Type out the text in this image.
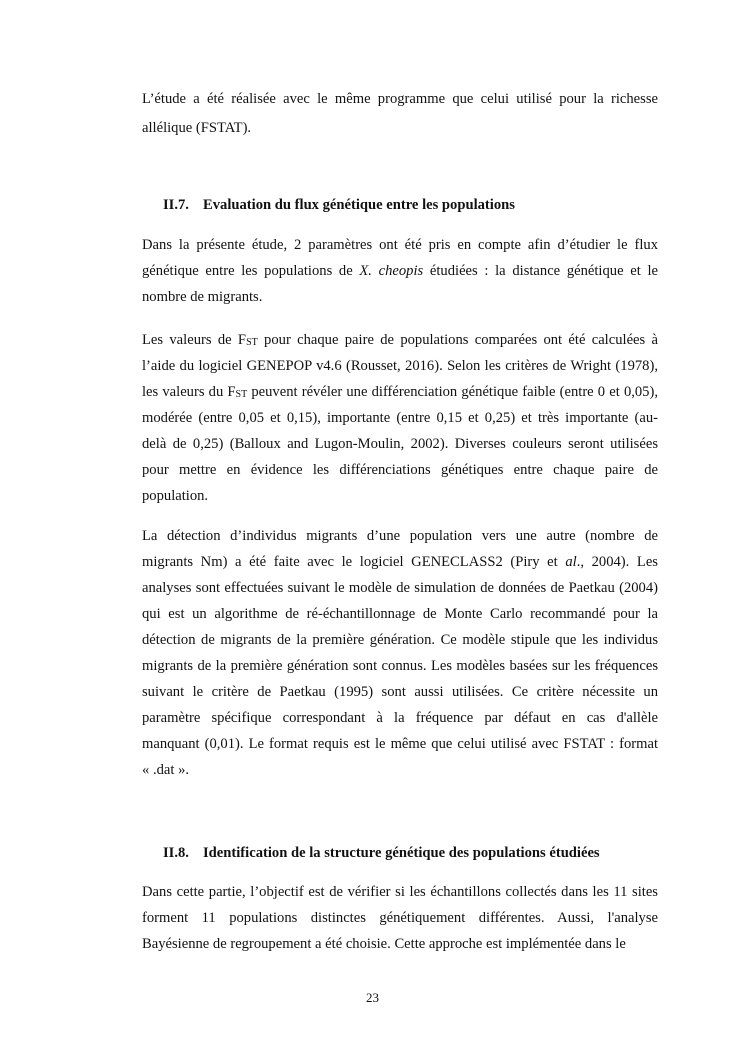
L’étude a été réalisée avec le même programme que celui utilisé pour la richesse
allélique (FSTAT).
II.7. Evaluation du flux génétique entre les populations
Dans la présente étude, 2 paramètres ont été pris en compte afin d’étudier le flux
génétique entre les populations de X. cheopis étudiées : la distance génétique et le
nombre de migrants.
Les valeurs de FST pour chaque paire de populations comparées ont été calculées à
l’aide du logiciel GENEPOP v4.6 (Rousset, 2016). Selon les critères de Wright (1978),
les valeurs du FST peuvent révéler une différenciation génétique faible (entre 0 et 0,05),
modérée (entre 0,05 et 0,15), importante (entre 0,15 et 0,25) et très importante (au-
delà de 0,25) (Balloux and Lugon-Moulin, 2002). Diverses couleurs seront utilisées
pour mettre en évidence les différenciations génétiques entre chaque paire de
population.
La détection d’individus migrants d’une population vers une autre (nombre de
migrants Nm) a été faite avec le logiciel GENECLASS2 (Piry et al., 2004). Les
analyses sont effectuées suivant le modèle de simulation de données de Paetkau (2004)
qui est un algorithme de ré-échantillonnage de Monte Carlo recommandé pour la
détection de migrants de la première génération. Ce modèle stipule que les individus
migrants de la première génération sont connus. Les modèles basées sur les fréquences
suivant le critère de Paetkau (1995) sont aussi utilisées. Ce critère nécessite un
paramètre spécifique correspondant à la fréquence par défaut en cas d'allèle
manquant (0,01). Le format requis est le même que celui utilisé avec FSTAT : format
« .dat ».
II.8. Identification de la structure génétique des populations étudiées
Dans cette partie, l’objectif est de vérifier si les échantillons collectés dans les 11 sites
forment 11 populations distinctes génétiquement différentes. Aussi, l'analyse
Bayésienne de regroupement a été choisie. Cette approche est implémentée dans le
23
